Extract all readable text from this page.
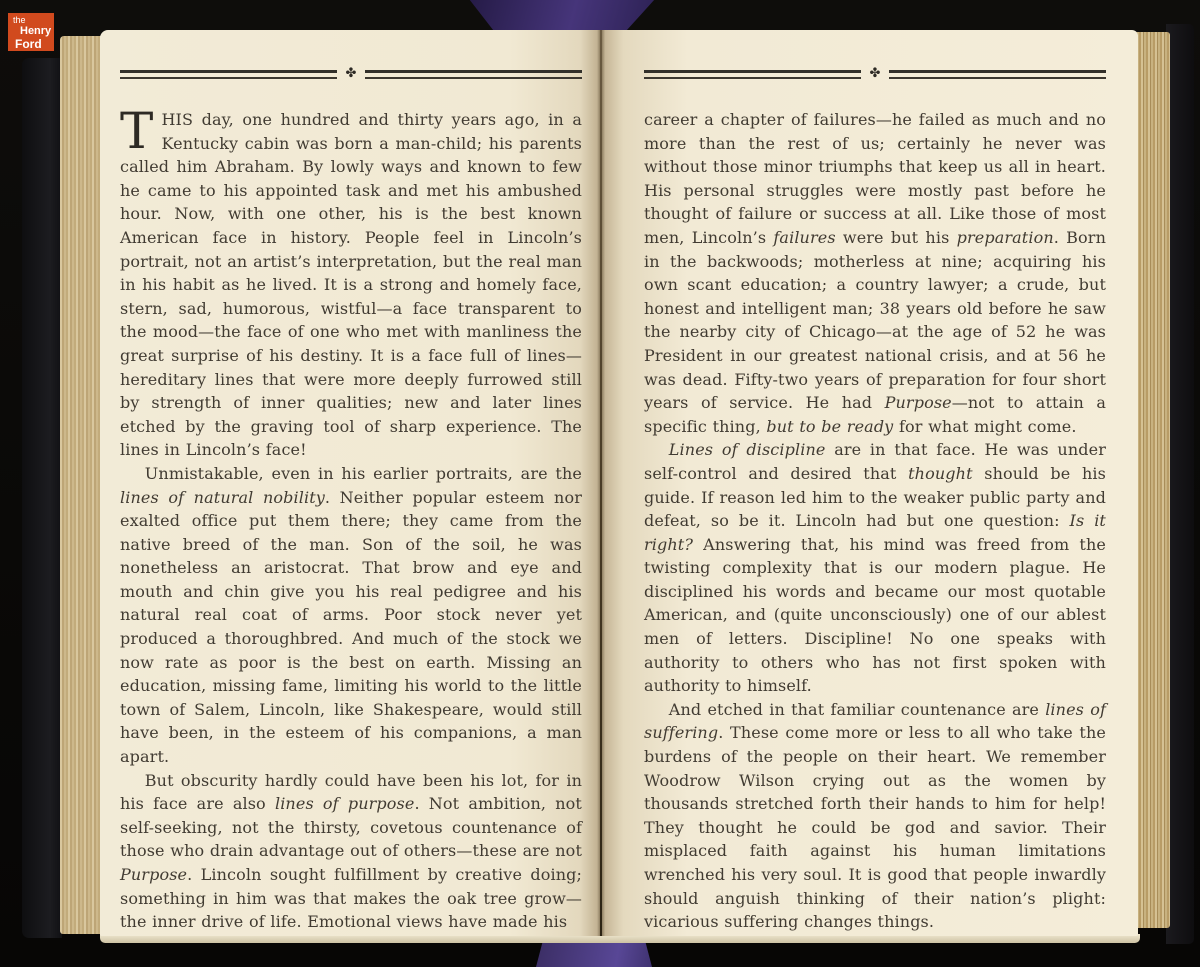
✤

THIS day, one hundred and thirty years ago, in a Kentucky cabin was born a man-child; his parents called him Abraham. By lowly ways and known to few he came to his appointed task and met his ambushed hour. Now, with one other, his is the best known American face in history. People feel in Lincoln’s portrait, not an artist’s interpretation, but the real man in his habit as he lived. It is a strong and homely face, stern, sad, humorous, wistful—a face transparent to the mood—the face of one who met with manliness the great surprise of his destiny. It is a face full of lines—hereditary lines that were more deeply furrowed still by strength of inner qualities; new and later lines etched by the graving tool of sharp experience. The lines in Lincoln’s face!

Unmistakable, even in his earlier portraits, are the lines of natural nobility. Neither popular esteem nor exalted office put them there; they came from the native breed of the man. Son of the soil, he was nonetheless an aristocrat. That brow and eye and mouth and chin give you his real pedigree and his natural real coat of arms. Poor stock never yet produced a thoroughbred. And much of the stock we now rate as poor is the best on earth. Missing an education, missing fame, limiting his world to the little town of Salem, Lincoln, like Shakespeare, would still have been, in the esteem of his companions, a man apart.

But obscurity hardly could have been his lot, for in his face are also lines of purpose. Not ambition, not self-seeking, not the thirsty, covetous countenance of those who drain advantage out of others—these are not Purpose. Lincoln sought fulfillment by creative doing; something in him was that makes the oak tree grow—the inner drive of life. Emotional views have made his

✤

career a chapter of failures—he failed as much and no more than the rest of us; certainly he never was without those minor triumphs that keep us all in heart. His personal struggles were mostly past before he thought of failure or success at all. Like those of most men, Lincoln’s failures were but his preparation. Born in the backwoods; motherless at nine; acquiring his own scant education; a country lawyer; a crude, but honest and intelligent man; 38 years old before he saw the nearby city of Chicago—at the age of 52 he was President in our greatest national crisis, and at 56 he was dead. Fifty-two years of preparation for four short years of service. He had Purpose—not to attain a specific thing, but to be ready for what might come.

Lines of discipline are in that face. He was under self-control and desired that thought should be his guide. If reason led him to the weaker public party and defeat, so be it. Lincoln had but one question: Is it right? Answering that, his mind was freed from the twisting complexity that is our modern plague. He disciplined his words and became our most quotable American, and (quite unconsciously) one of our ablest men of letters. Discipline! No one speaks with authority to others who has not first spoken with authority to himself.

And etched in that familiar countenance are lines of suffering. These come more or less to all who take the burdens of the people on their heart. We remember Woodrow Wilson crying out as the women by thousands stretched forth their hands to him for help! They thought he could be god and savior. Their misplaced faith against his human limitations wrenched his very soul. It is good that people inwardly should anguish thinking of their nation’s plight: vicarious suffering changes things.

the
Henry
Ford
